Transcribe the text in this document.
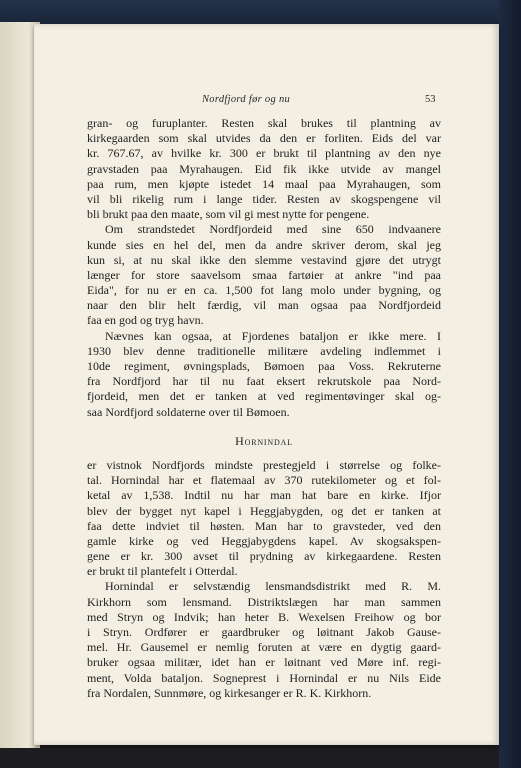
Nordfjord før og nu	53
gran- og furuplanter. Resten skal brukes til plantning av
kirkegaarden som skal utvides da den er forliten. Eids del var
kr. 767.67, av hvilke kr. 300 er brukt til plantning av den nye
gravstaden paa Myrahaugen. Eid fik ikke utvide av mangel
paa rum, men kjøpte istedet 14 maal paa Myrahaugen, som
vil bli rikelig rum i lange tider. Resten av skogspengene vil
bli brukt paa den maate, som vil gi mest nytte for pengene.
Om strandstedet Nordfjordeid med sine 650 indvaanere
kunde sies en hel del, men da andre skriver derom, skal jeg
kun si, at nu skal ikke den slemme vestavind gjøre det utrygt
længer for store saavelsom smaa fartøier at ankre "ind paa
Eida", for nu er en ca. 1,500 fot lang molo under bygning, og
naar den blir helt færdig, vil man ogsaa paa Nordfjordeid
faa en god og tryg havn.
Nævnes kan ogsaa, at Fjordenes bataljon er ikke mere. I
1930 blev denne traditionelle militære avdeling indlemmet i
10de regiment, øvningsplads, Bømoen paa Voss. Rekruterne
fra Nordfjord har til nu faat eksert rekrutskole paa Nord-
fjordeid, men det er tanken at ved regimentøvinger skal og-
saa Nordfjord soldaterne over til Bømoen.
Hornindal
er vistnok Nordfjords mindste prestegjeld i størrelse og folke-
tal. Hornindal har et flatemaal av 370 rutekilometer og et fol-
ketal av 1,538. Indtil nu har man hat bare en kirke. Ifjor
blev der bygget nyt kapel i Heggjabygden, og det er tanken at
faa dette indviet til høsten. Man har to gravsteder, ved den
gamle kirke og ved Heggjabygdens kapel. Av skogsakspen-
gene er kr. 300 avset til prydning av kirkegaardene. Resten
er brukt til plantefelt i Otterdal.
Hornindal er selvstændig lensmandsdistrikt med R. M.
Kirkhorn som lensmand. Distriktslægen har man sammen
med Stryn og Indvik; han heter B. Wexelsen Freihow og bor
i Stryn. Ordfører er gaardbruker og løitnant Jakob Gause-
mel. Hr. Gausemel er nemlig foruten at være en dygtig gaard-
bruker ogsaa militær, idet han er løitnant ved Møre inf. regi-
ment, Volda bataljon. Sogneprest i Hornindal er nu Nils Eide
fra Nordalen, Sunnmøre, og kirkesanger er R. K. Kirkhorn.
